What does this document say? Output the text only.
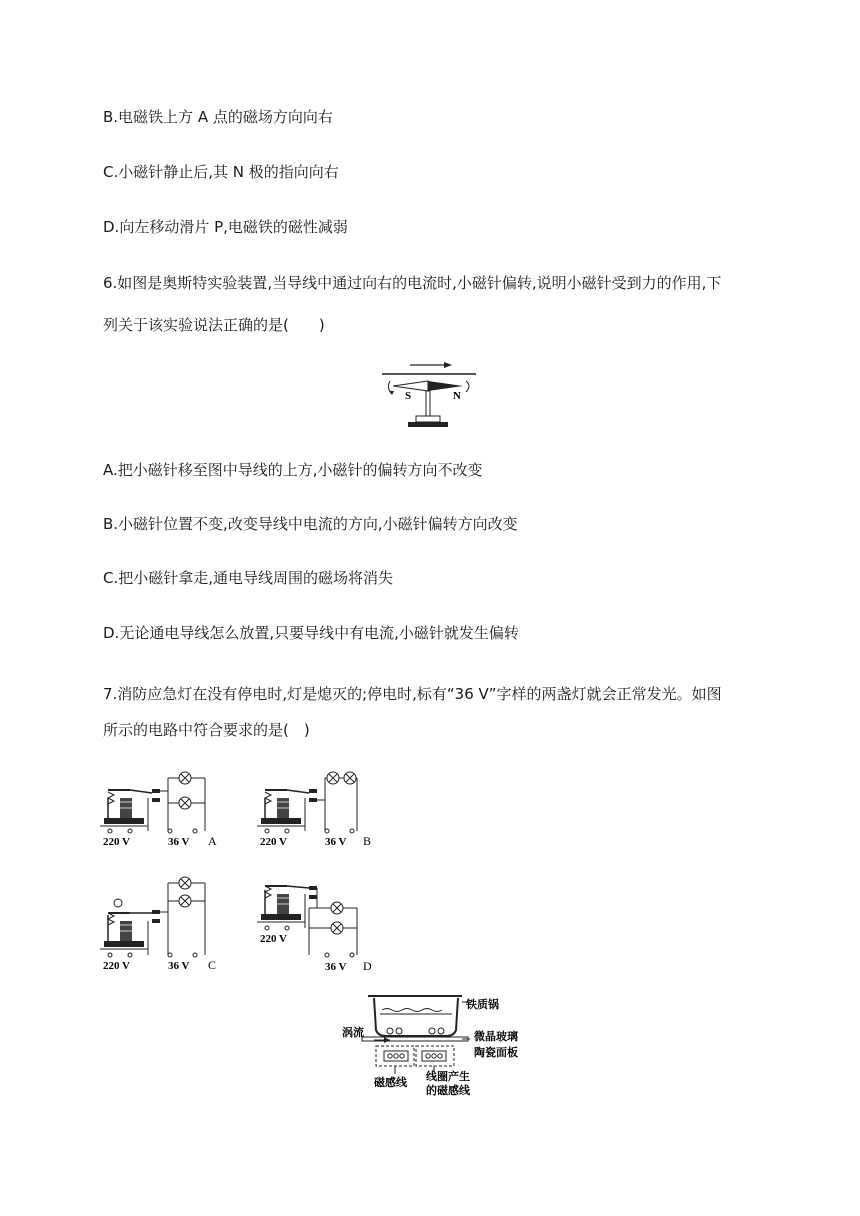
B.电磁铁上方 A 点的磁场方向向右
C.小磁针静止后,其 N 极的指向向右
D.向左移动滑片 P,电磁铁的磁性减弱
6.如图是奥斯特实验装置,当导线中通过向右的电流时,小磁针偏转,说明小磁针受到力的作用,下
列关于该实验说法正确的是(　　)
S	N
A.把小磁针移至图中导线的上方,小磁针的偏转方向不改变
B.小磁针位置不变,改变导线中电流的方向,小磁针偏转方向改变
C.把小磁针拿走,通电导线周围的磁场将消失
D.无论通电导线怎么放置,只要导线中有电流,小磁针就发生偏转
7.消防应急灯在没有停电时,灯是熄灭的;停电时,标有“36 V”字样的两盏灯就会正常发光。如图
所示的电路中符合要求的是(　)
220 V	36 V A	220 V	36 V B
220 V	36 V C
220 V
36 V D
铁质锅
涡流	微晶玻璃
陶瓷面板
磁感线 线圈产生
的磁感线
